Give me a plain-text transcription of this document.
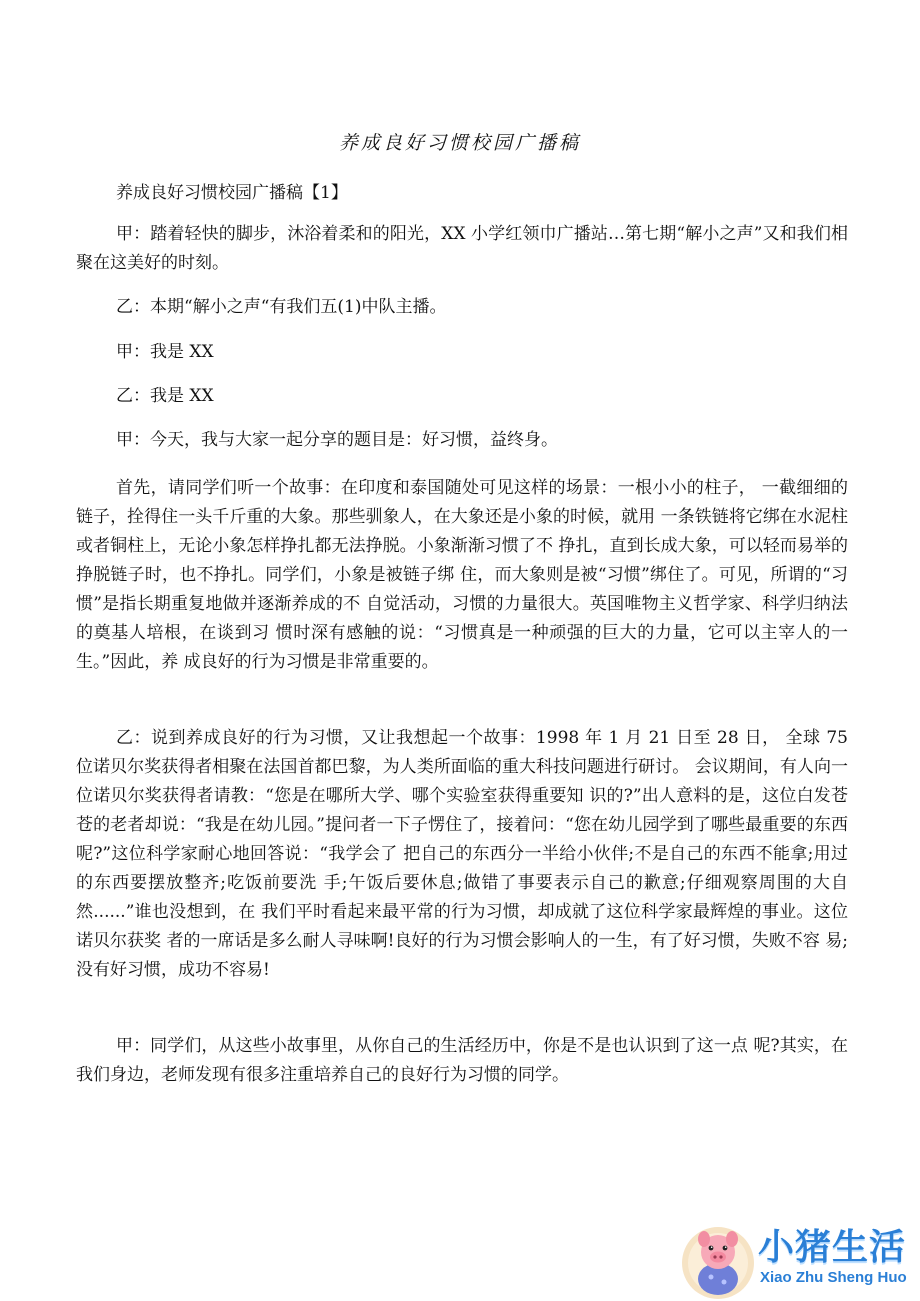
养成良好习惯校园广播稿
养成良好习惯校园广播稿【1】

甲：踏着轻快的脚步，沐浴着柔和的阳光，XX 小学红领巾广播站…第七期“解小之声”又和我们相聚在这美好的时刻。

乙：本期“解小之声“有我们五(1)中队主播。

甲：我是 XX

乙：我是 XX

甲：今天，我与大家一起分享的题目是：好习惯，益终身。

首先，请同学们听一个故事：在印度和泰国随处可见这样的场景：一根小小的柱子， 一截细细的链子，拴得住一头千斤重的大象。那些驯象人，在大象还是小象的时候，就用 一条铁链将它绑在水泥柱或者铜柱上，无论小象怎样挣扎都无法挣脱。小象渐渐习惯了不 挣扎，直到长成大象，可以轻而易举的挣脱链子时，也不挣扎。同学们，小象是被链子绑 住，而大象则是被“习惯”绑住了。可见，所谓的“习惯”是指长期重复地做并逐渐养成的不 自觉活动，习惯的力量很大。英国唯物主义哲学家、科学归纳法的奠基人培根，在谈到习 惯时深有感触的说：“习惯真是一种顽强的巨大的力量，它可以主宰人的一生。”因此，养 成良好的行为习惯是非常重要的。

乙：说到养成良好的行为习惯，又让我想起一个故事：1998 年 1 月 21 日至 28 日， 全球 75 位诺贝尔奖获得者相聚在法国首都巴黎，为人类所面临的重大科技问题进行研讨。 会议期间，有人向一位诺贝尔奖获得者请教：“您是在哪所大学、哪个实验室获得重要知 识的?”出人意料的是，这位白发苍苍的老者却说：“我是在幼儿园。”提问者一下子愣住了，接着问：“您在幼儿园学到了哪些最重要的东西呢?”这位科学家耐心地回答说：“我学会了 把自己的东西分一半给小伙伴;不是自己的东西不能拿;用过的东西要摆放整齐;吃饭前要洗 手;午饭后要休息;做错了事要表示自己的歉意;仔细观察周围的大自然......”谁也没想到，在 我们平时看起来最平常的行为习惯，却成就了这位科学家最辉煌的事业。这位诺贝尔获奖 者的一席话是多么耐人寻味啊!良好的行为习惯会影响人的一生，有了好习惯，失败不容 易;没有好习惯，成功不容易!

甲：同学们，从这些小故事里，从你自己的生活经历中，你是不是也认识到了这一点 呢?其实，在我们身边，老师发现有很多注重培养自己的良好行为习惯的同学。

小猪生活
Xiao Zhu Sheng Huo
